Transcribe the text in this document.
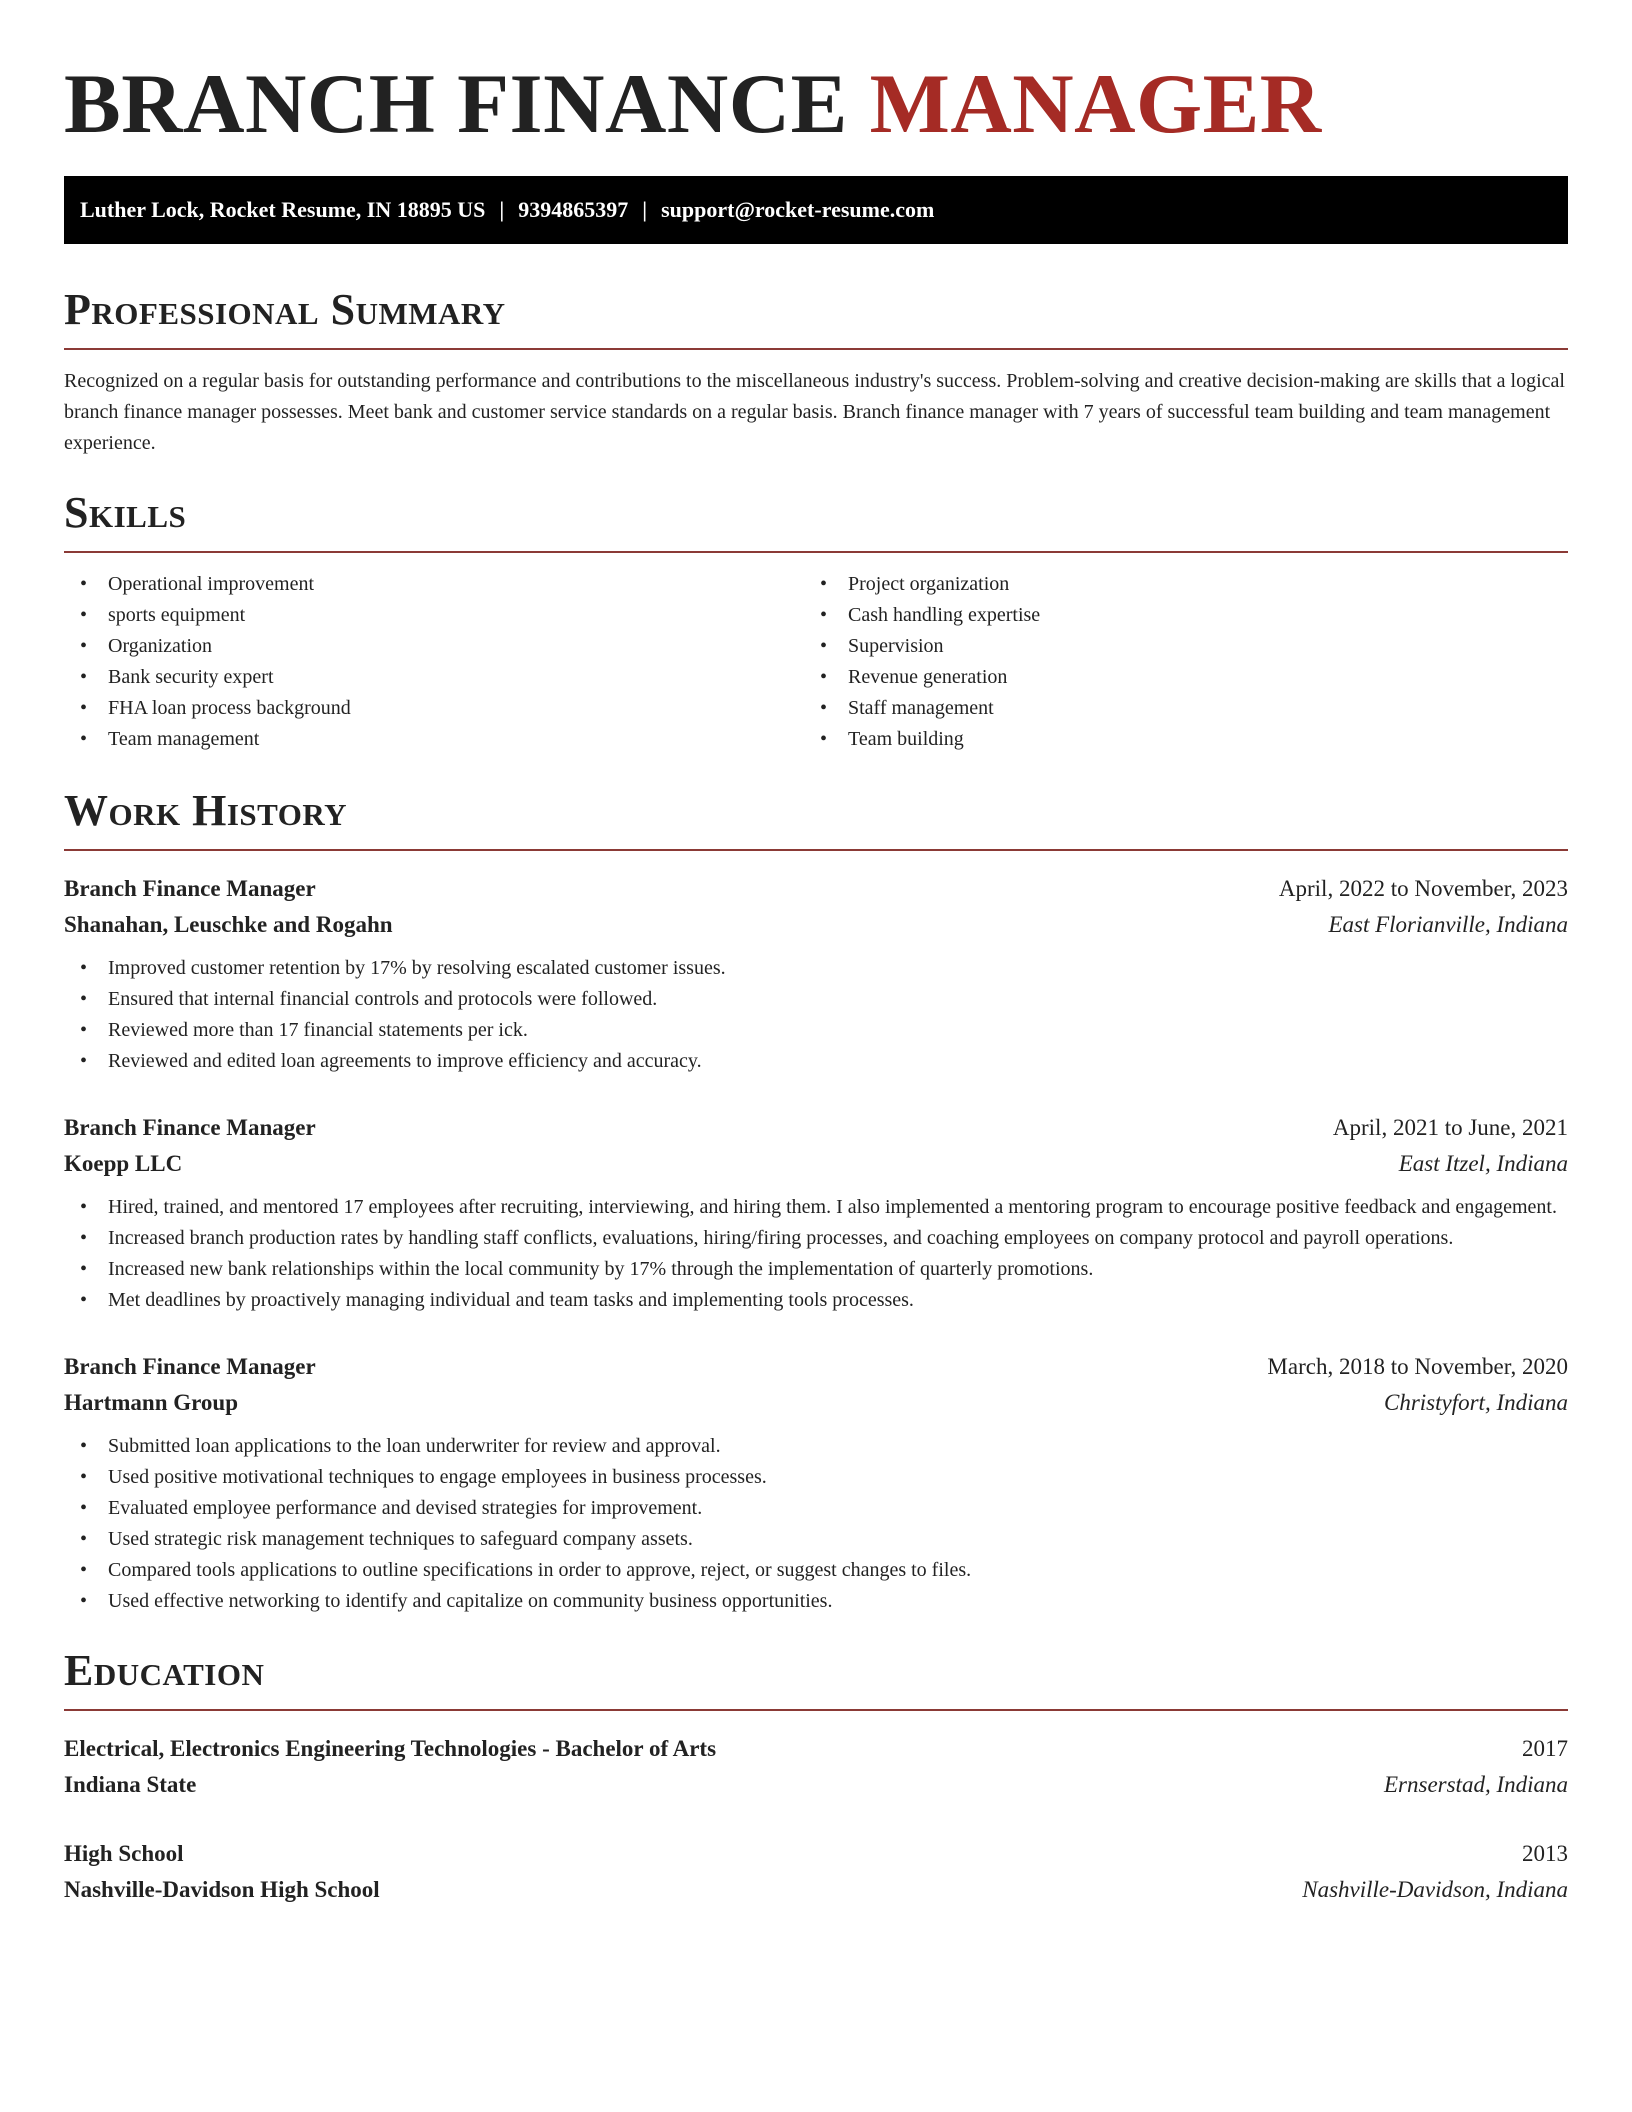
BRANCH FINANCE MANAGER
Luther Lock, Rocket Resume, IN 18895 US | 9394865397 | support@rocket-resume.com
Professional Summary
Recognized on a regular basis for outstanding performance and contributions to the miscellaneous industry's success. Problem-solving and creative decision-making are skills that a logical branch finance manager possesses. Meet bank and customer service standards on a regular basis. Branch finance manager with 7 years of successful team building and team management experience.
Skills
• Operational improvement
• sports equipment
• Organization
• Bank security expert
• FHA loan process background
• Team management
• Project organization
• Cash handling expertise
• Supervision
• Revenue generation
• Staff management
• Team building
Work History
Branch Finance Manager	April, 2022 to November, 2023
Shanahan, Leuschke and Rogahn	East Florianville, Indiana
• Improved customer retention by 17% by resolving escalated customer issues.
• Ensured that internal financial controls and protocols were followed.
• Reviewed more than 17 financial statements per ick.
• Reviewed and edited loan agreements to improve efficiency and accuracy.
Branch Finance Manager	April, 2021 to June, 2021
Koepp LLC	East Itzel, Indiana
• Hired, trained, and mentored 17 employees after recruiting, interviewing, and hiring them. I also implemented a mentoring program to encourage positive feedback and engagement.
• Increased branch production rates by handling staff conflicts, evaluations, hiring/firing processes, and coaching employees on company protocol and payroll operations.
• Increased new bank relationships within the local community by 17% through the implementation of quarterly promotions.
• Met deadlines by proactively managing individual and team tasks and implementing tools processes.
Branch Finance Manager	March, 2018 to November, 2020
Hartmann Group	Christyfort, Indiana
• Submitted loan applications to the loan underwriter for review and approval.
• Used positive motivational techniques to engage employees in business processes.
• Evaluated employee performance and devised strategies for improvement.
• Used strategic risk management techniques to safeguard company assets.
• Compared tools applications to outline specifications in order to approve, reject, or suggest changes to files.
• Used effective networking to identify and capitalize on community business opportunities.
Education
Electrical, Electronics Engineering Technologies - Bachelor of Arts	2017
Indiana State	Ernserstad, Indiana
High School	2013
Nashville-Davidson High School	Nashville-Davidson, Indiana
